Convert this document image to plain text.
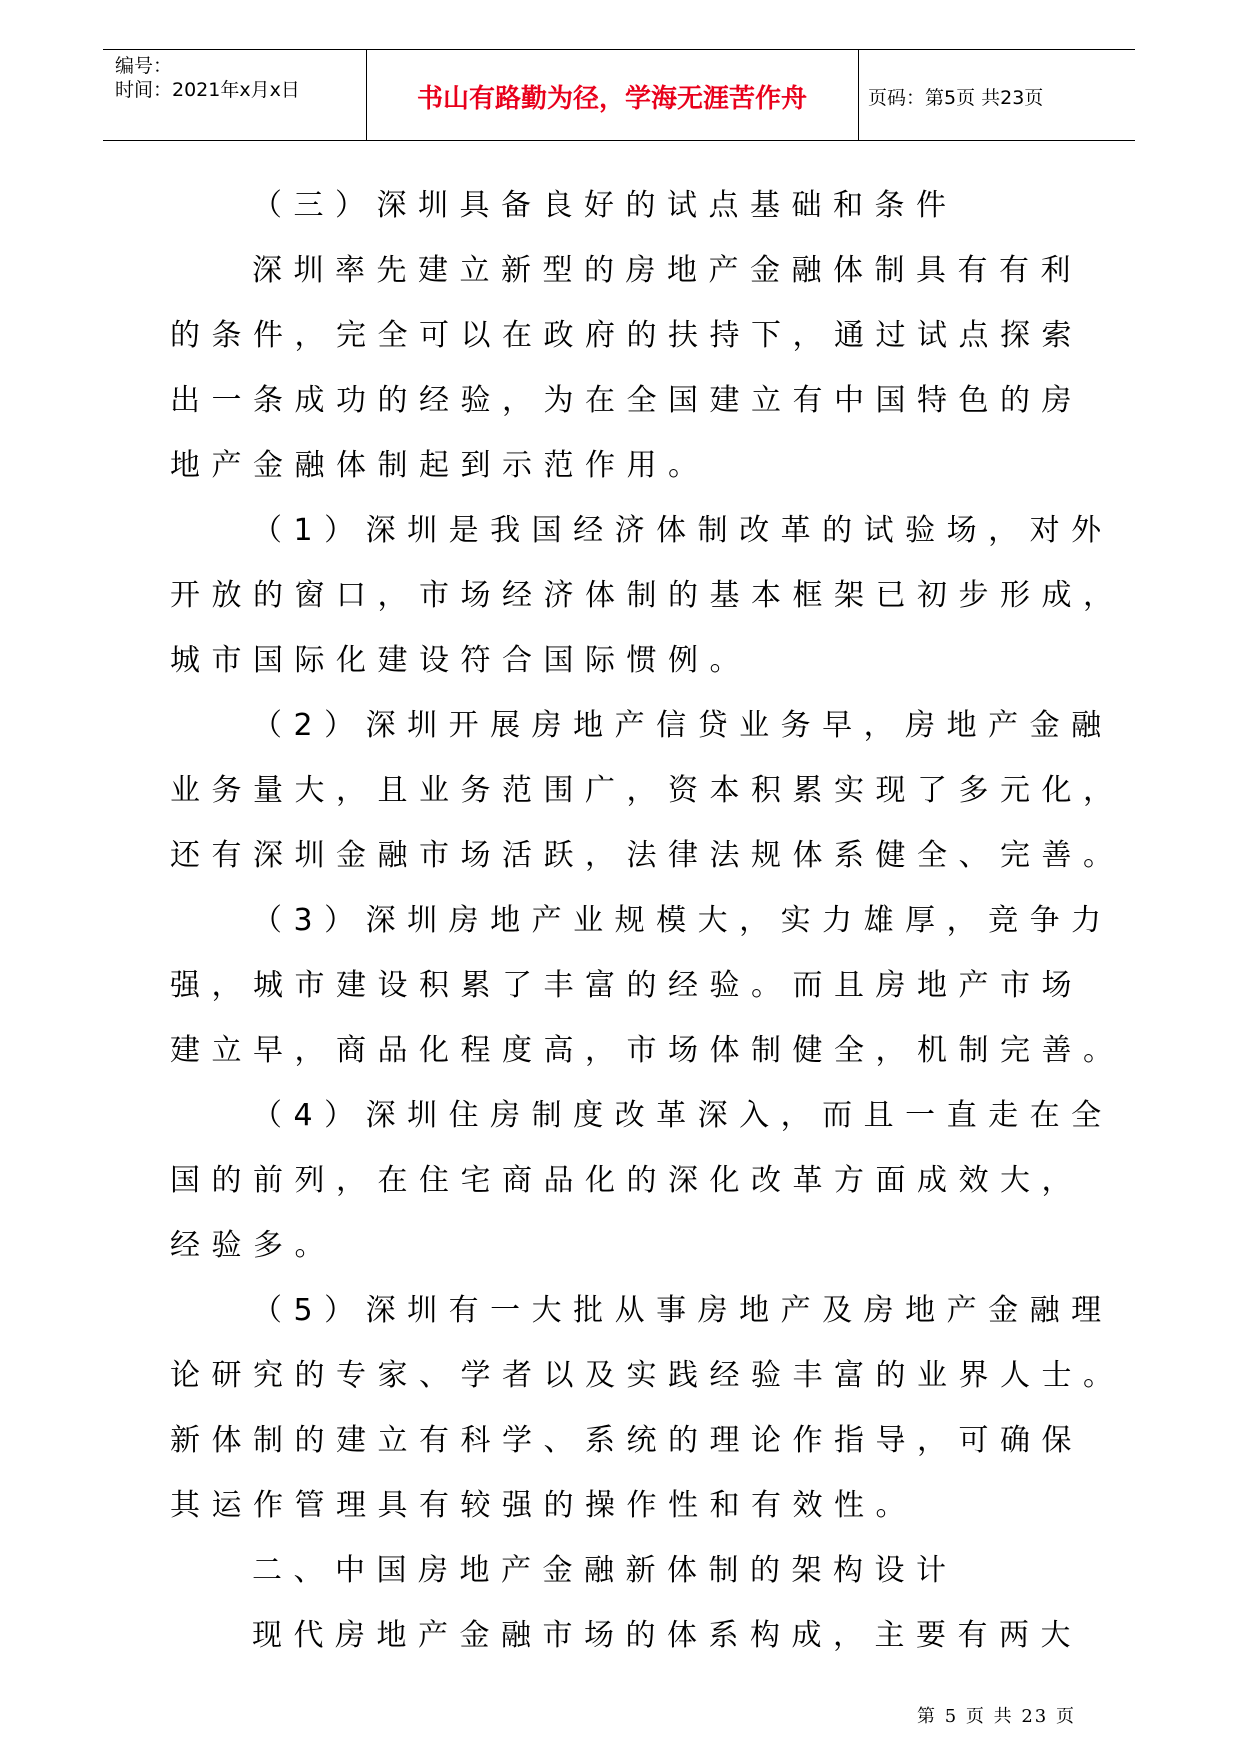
编号：
时间：2021年x月x日	书山有路勤为径，学海无涯苦作舟	页码：第5页 共23页
（三）深圳具备良好的试点基础和条件
深圳率先建立新型的房地产金融体制具有有利
的条件，完全可以在政府的扶持下，通过试点探索
出一条成功的经验，为在全国建立有中国特色的房
地产金融体制起到示范作用。
（1）深圳是我国经济体制改革的试验场，对外
开放的窗口，市场经济体制的基本框架已初步形成，
城市国际化建设符合国际惯例。
（2）深圳开展房地产信贷业务早，房地产金融
业务量大，且业务范围广，资本积累实现了多元化，
还有深圳金融市场活跃，法律法规体系健全、完善。
（3）深圳房地产业规模大，实力雄厚，竞争力
强，城市建设积累了丰富的经验。而且房地产市场
建立早，商品化程度高，市场体制健全，机制完善。
（4）深圳住房制度改革深入，而且一直走在全
国的前列，在住宅商品化的深化改革方面成效大，
经验多。
（5）深圳有一大批从事房地产及房地产金融理
论研究的专家、学者以及实践经验丰富的业界人士。
新体制的建立有科学、系统的理论作指导，可确保
其运作管理具有较强的操作性和有效性。
二、中国房地产金融新体制的架构设计
现代房地产金融市场的体系构成，主要有两大
第 5 页 共 23 页
